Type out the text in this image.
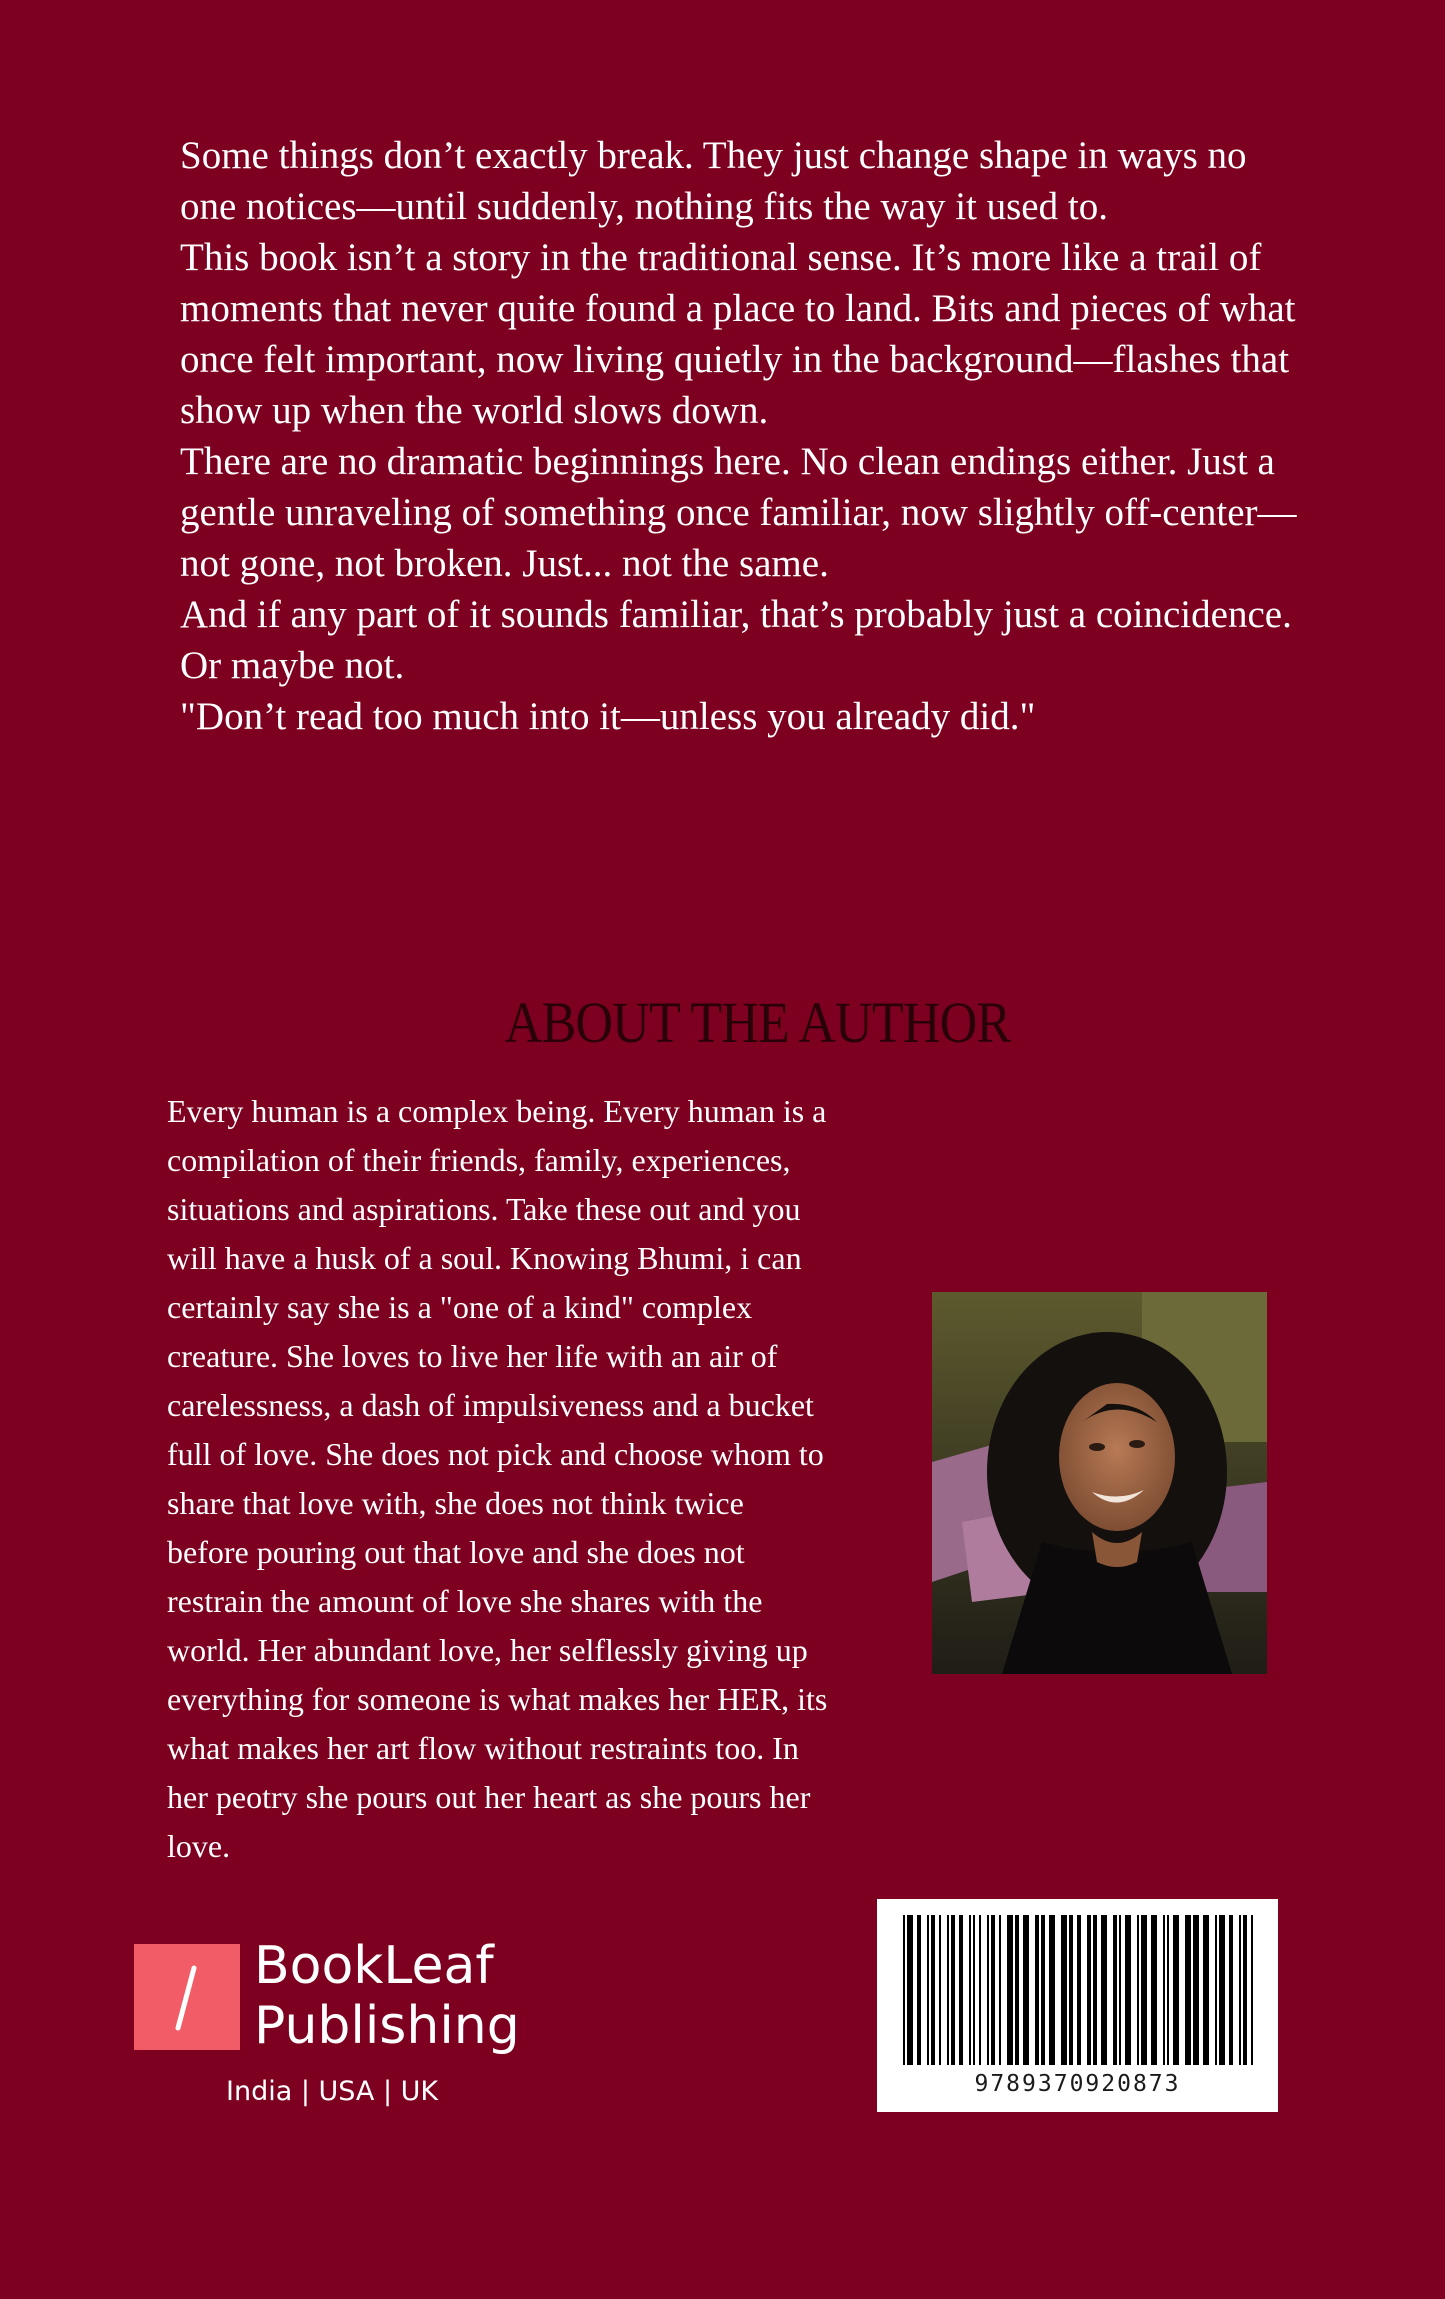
Some things don’t exactly break. They just change shape in ways no one notices—until suddenly, nothing fits the way it used to.

This book isn’t a story in the traditional sense. It’s more like a trail of moments that never quite found a place to land. Bits and pieces of what once felt important, now living quietly in the background—flashes that show up when the world slows down.

There are no dramatic beginnings here. No clean endings either. Just a gentle unraveling of something once familiar, now slightly off-center—not gone, not broken. Just... not the same.

And if any part of it sounds familiar, that’s probably just a coincidence.

Or maybe not.

"Don’t read too much into it—unless you already did."

ABOUT THE AUTHOR
Every human is a complex being. Every human is a
compilation of their friends, family, experiences,
situations and aspirations. Take these out and you
will have a husk of a soul. Knowing Bhumi, i can
certainly say she is a "one of a kind" complex
creature. She loves to live her life with an air of
carelessness, a dash of impulsiveness and a bucket
full of love. She does not pick and choose whom to
share that love with, she does not think twice
before pouring out that love and she does not
restrain the amount of love she shares with the
world. Her abundant love, her selflessly giving up
everything for someone is what makes her HER, its
what makes her art flow without restraints too. In
her peotry she pours out her heart as she pours her
love.
BookLeaf
Publishing
India | USA | UK	9789370920873
